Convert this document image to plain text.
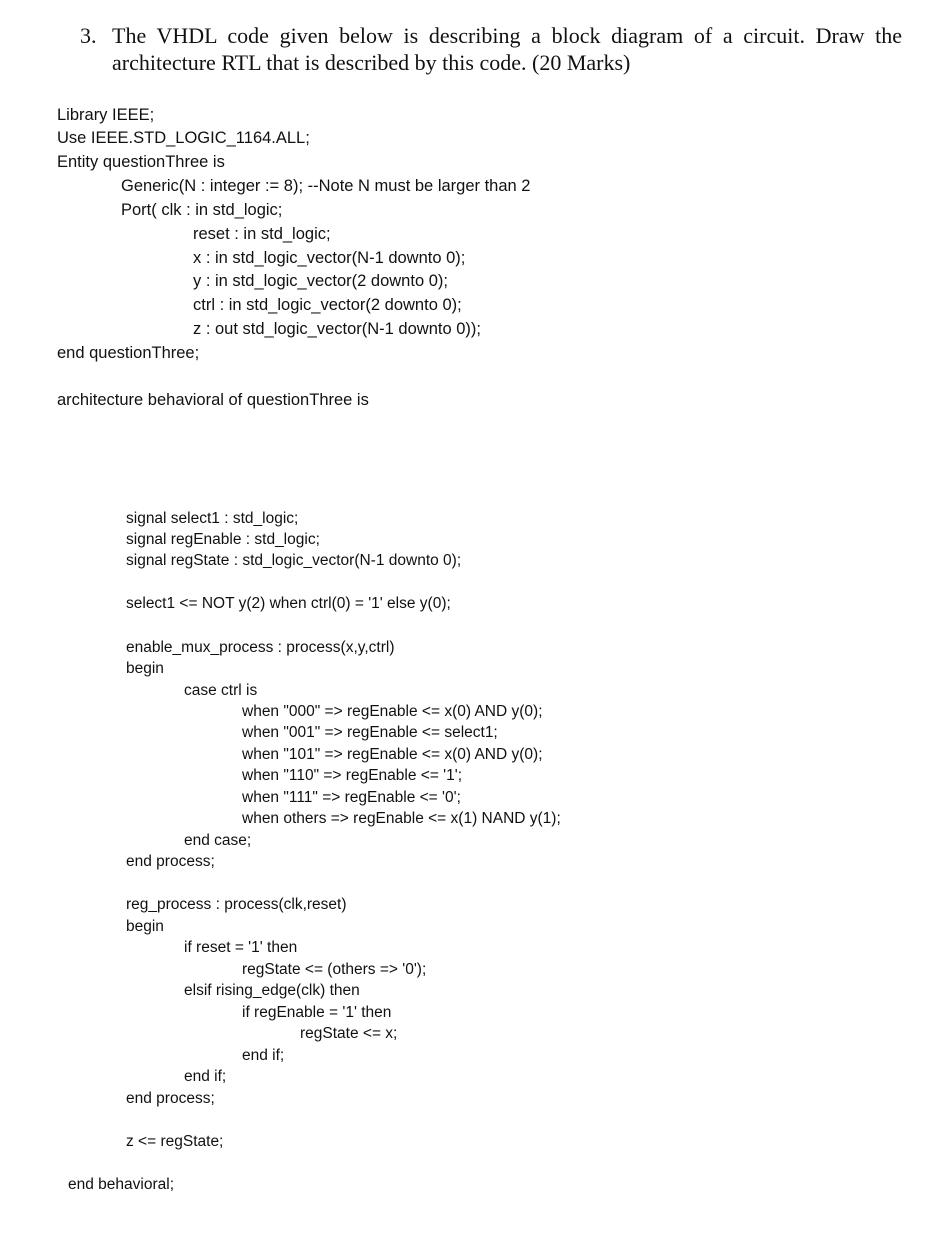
3. The VHDL code given below is describing a block diagram of a circuit. Draw the architecture RTL that is described by this code. (20 Marks)
Library IEEE;
Use IEEE.STD_LOGIC_1164.ALL;
Entity questionThree is
Generic(N : integer := 8); --Note N must be larger than 2
Port( clk : in std_logic;
reset : in std_logic;
x : in std_logic_vector(N-1 downto 0);
y : in std_logic_vector(2 downto 0);
ctrl : in std_logic_vector(2 downto 0);
z : out std_logic_vector(N-1 downto 0));
end questionThree;
architecture behavioral of questionThree is
signal select1 : std_logic;
signal regEnable : std_logic;
signal regState : std_logic_vector(N-1 downto 0);
select1 <= NOT y(2) when ctrl(0) = '1' else y(0);
enable_mux_process : process(x,y,ctrl)
begin
case ctrl is
when "000" => regEnable <= x(0) AND y(0);
when "001" => regEnable <= select1;
when "101" => regEnable <= x(0) AND y(0);
when "110" => regEnable <= '1';
when "111" => regEnable <= '0';
when others => regEnable <= x(1) NAND y(1);
end case;
end process;
reg_process : process(clk,reset)
begin
if reset = '1' then
regState <= (others => '0');
elsif rising_edge(clk) then
if regEnable = '1' then
regState <= x;
end if;
end if;
end process;
z <= regState;
end behavioral;
